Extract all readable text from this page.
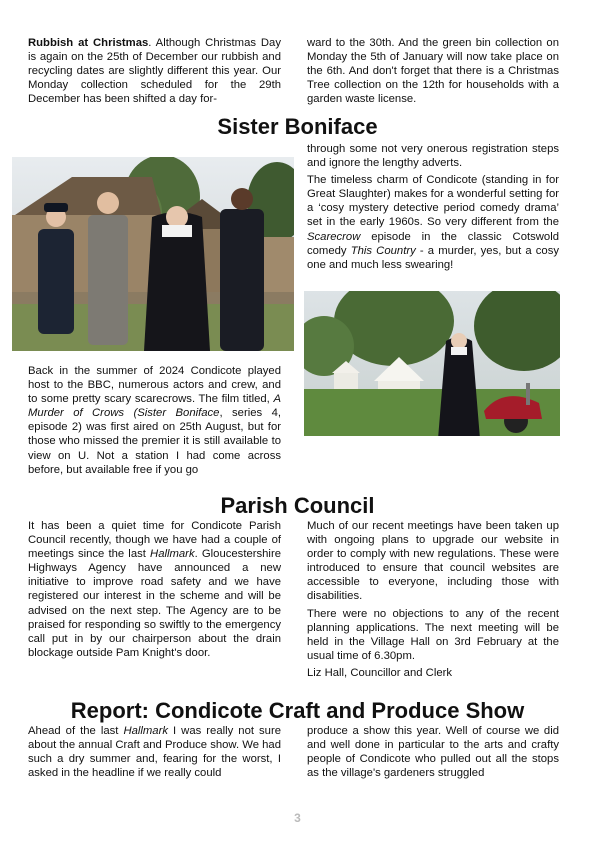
Rubbish at Christmas. Although Christmas Day is again on the 25th of December our rubbish and recycling dates are slightly different this year. Our Monday collection scheduled for the 29th December has been shifted a day for-
ward to the 30th. And the green bin collection on Monday the 5th of January will now take place on the 6th. And don't forget that there is a Christmas Tree collection on the 12th for households with a garden waste license.
Sister Boniface

through some not very onerous registration steps and ignore the lengthy adverts.

The timeless charm of Condicote (standing in for Great Slaughter) makes for a wonderful setting for a ‘cosy mystery detective period comedy drama’ set in the early 1960s. So very different from the Scarecrow episode in the classic Cotswold comedy This Country - a murder, yes, but a cosy one and much less swearing!

Back in the summer of 2024 Condicote played host to the BBC, numerous actors and crew, and to some pretty scary scarecrows. The film titled, A Murder of Crows (Sister Boniface, series 4, episode 2) was first aired on 25th August, but for those who missed the premier it is still available to view on U. Not a station I had come across before, but available free if you go
Parish Council
It has been a quiet time for Condicote Parish Council recently, though we have had a couple of meetings since the last Hallmark. Gloucestershire Highways Agency have announced a new initiative to improve road safety and we have registered our interest in the scheme and will be advised on the next step. The Agency are to be praised for responding so swiftly to the emergency call put in by our chairperson about the drain blockage outside Pam Knight's door.

Much of our recent meetings have been taken up with ongoing plans to upgrade our website in order to comply with new regulations. These were introduced to ensure that council websites are accessible to everyone, including those with disabilities.

There were no objections to any of the recent planning applications. The next meeting will be held in the Village Hall on 3rd February at the usual time of 6.30pm.

Liz Hall, Councillor and Clerk

Report: Condicote Craft and Produce Show
Ahead of the last Hallmark I was really not sure about the annual Craft and Produce show. We had such a dry summer and, fearing for the worst, I asked in the headline if we really could
produce a show this year. Well of course we did and well done in particular to the arts and crafty people of Condicote who pulled out all the stops as the village's gardeners struggled
3
